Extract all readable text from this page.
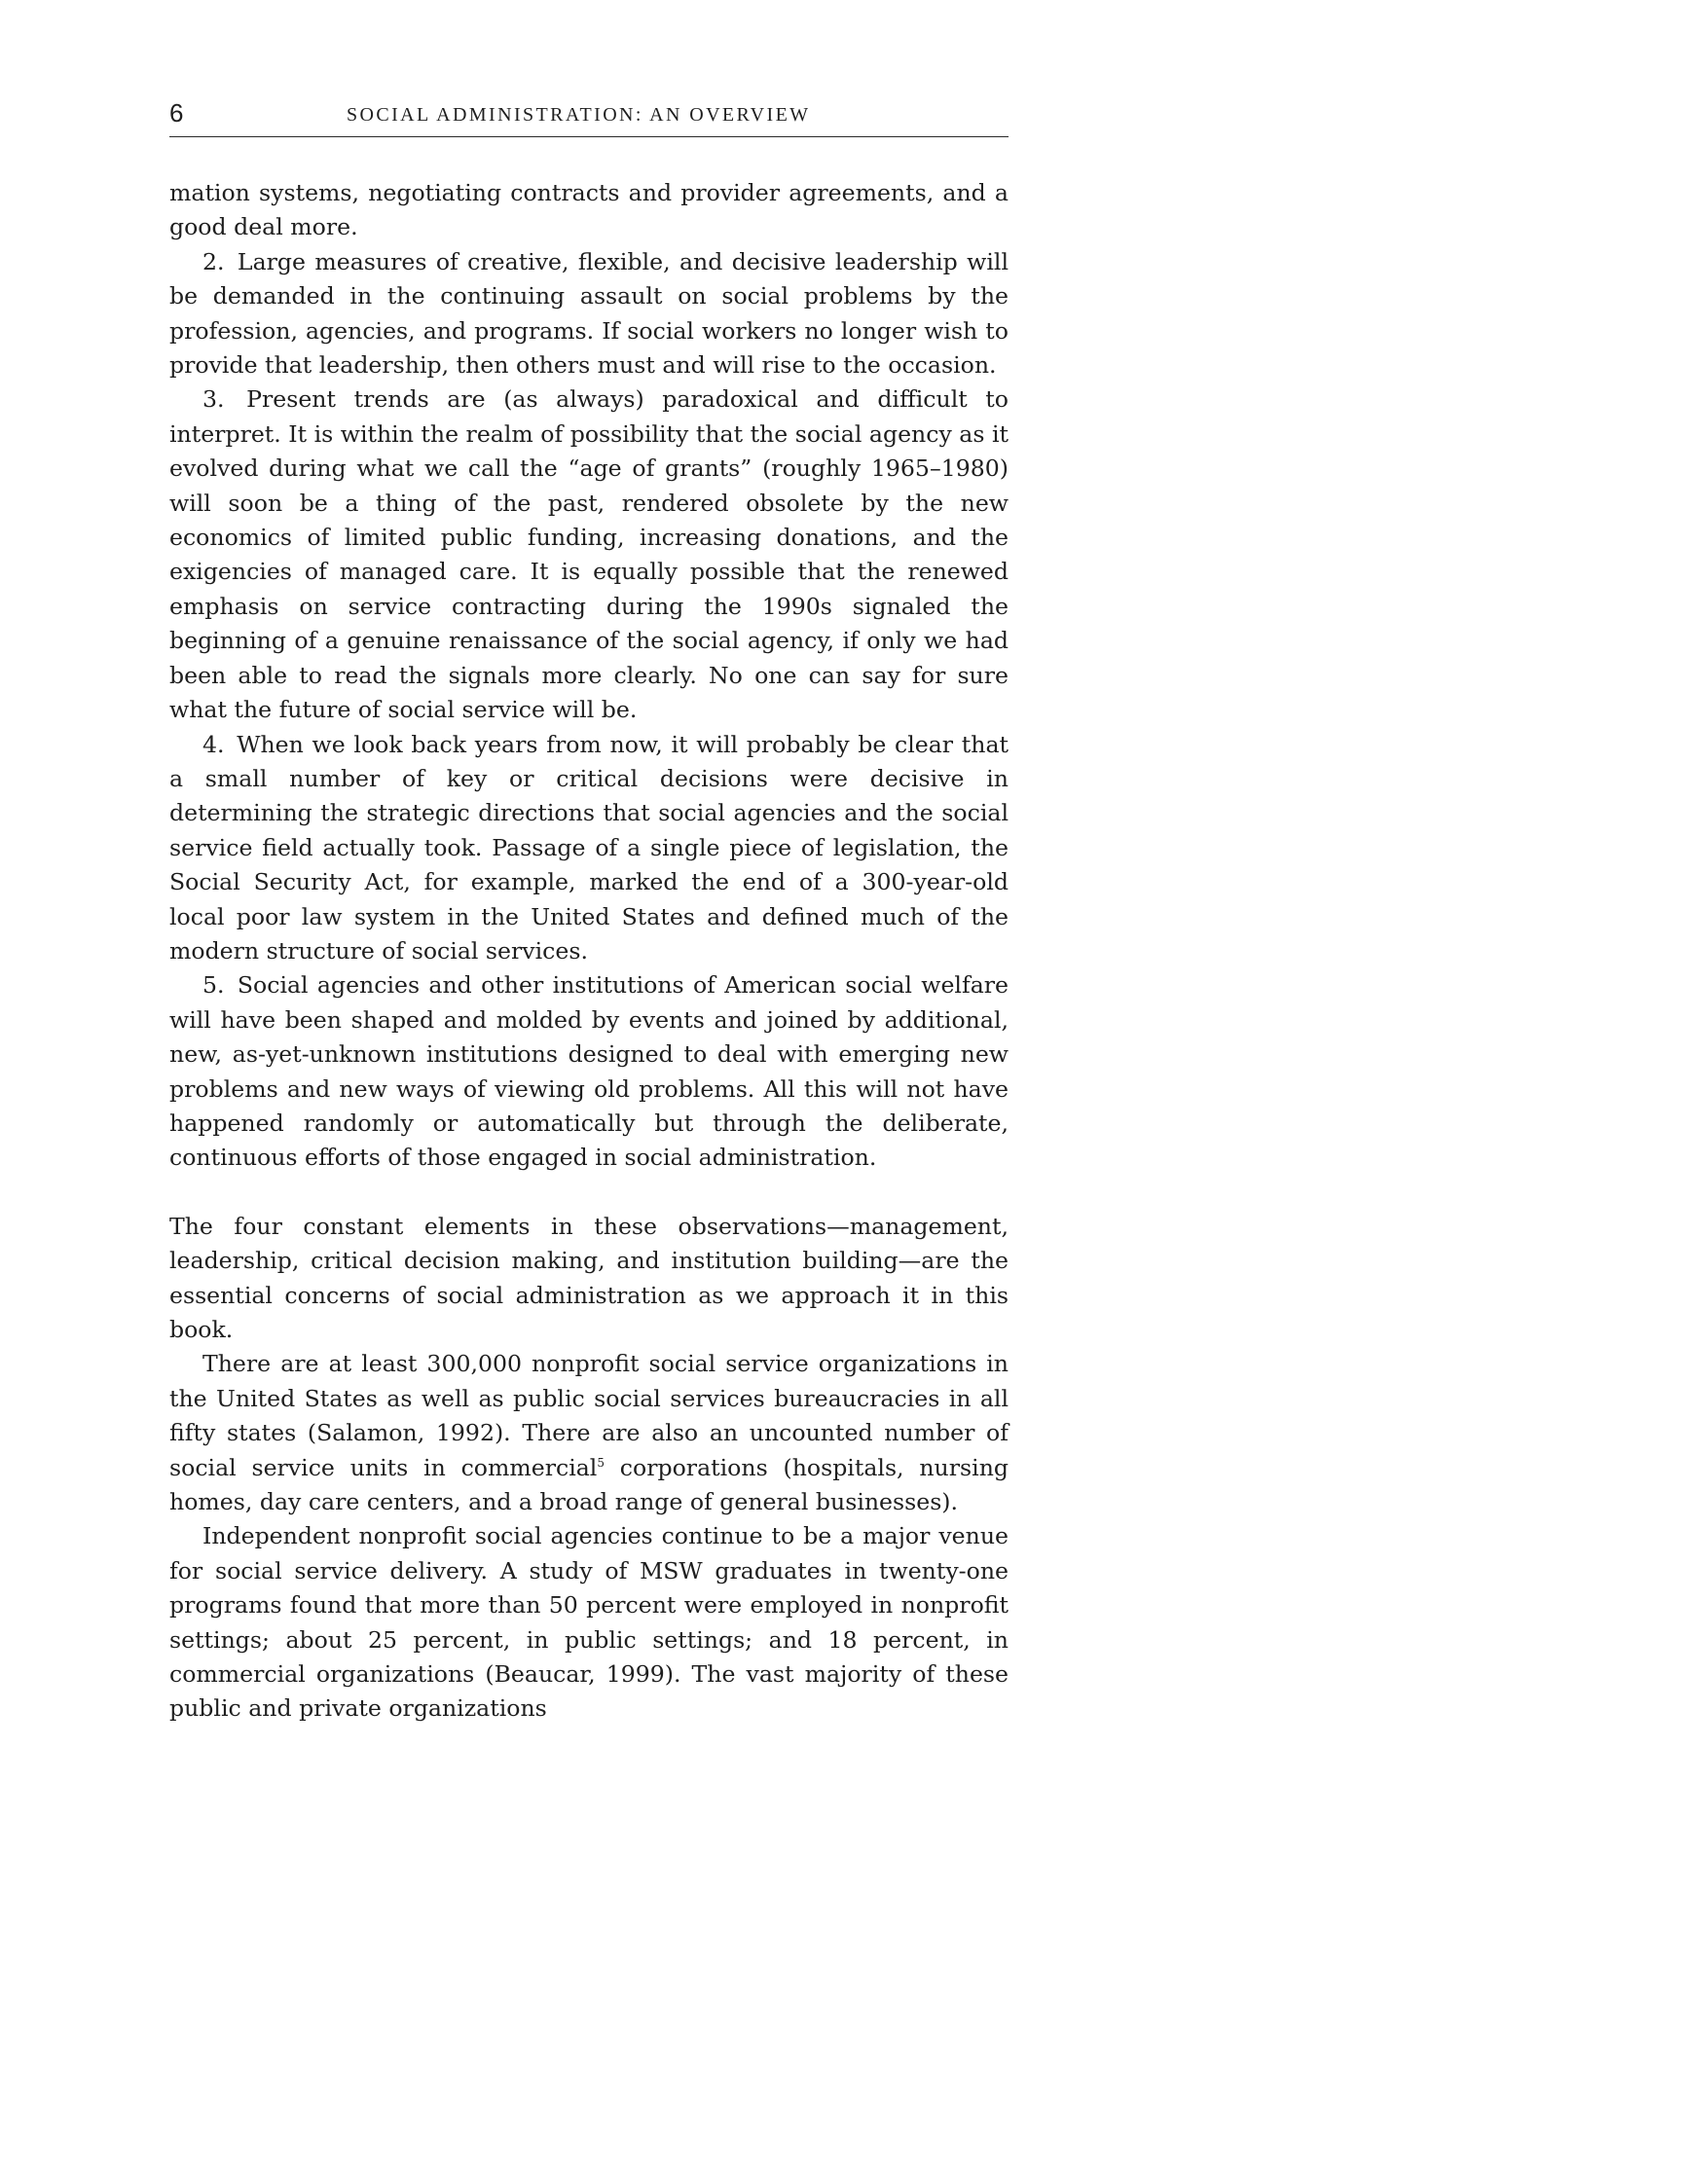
6	SOCIAL ADMINISTRATION: AN OVERVIEW

mation systems, negotiating contracts and provider agreements, and a good deal more.

2. Large measures of creative, flexible, and decisive leadership will be demanded in the continuing assault on social problems by the profession, agencies, and programs. If social workers no longer wish to provide that leadership, then others must and will rise to the occasion.

3. Present trends are (as always) paradoxical and difficult to interpret. It is within the realm of possibility that the social agency as it evolved during what we call the “age of grants” (roughly 1965–1980) will soon be a thing of the past, rendered obsolete by the new economics of limited public funding, increasing donations, and the exigencies of managed care. It is equally possible that the renewed emphasis on service contracting during the 1990s signaled the beginning of a genuine renaissance of the social agency, if only we had been able to read the signals more clearly. No one can say for sure what the future of social service will be.

4. When we look back years from now, it will probably be clear that a small number of key or critical decisions were decisive in determining the strategic directions that social agencies and the social service field actually took. Passage of a single piece of legislation, the Social Security Act, for example, marked the end of a 300-year-old local poor law system in the United States and defined much of the modern structure of social services.

5. Social agencies and other institutions of American social welfare will have been shaped and molded by events and joined by additional, new, as-yet-unknown institutions designed to deal with emerging new problems and new ways of viewing old problems. All this will not have happened randomly or automatically but through the deliberate, continuous efforts of those engaged in social administration.

The four constant elements in these observations—management, leadership, critical decision making, and institution building—are the essential concerns of social administration as we approach it in this book.

There are at least 300,000 nonprofit social service organizations in the United States as well as public social services bureaucracies in all fifty states (Salamon, 1992). There are also an uncounted number of social service units in commercial$^5$ corporations (hospitals, nursing homes, day care centers, and a broad range of general businesses).

Independent nonprofit social agencies continue to be a major venue for social service delivery. A study of MSW graduates in twenty-one programs found that more than 50 percent were employed in nonprofit settings; about 25 percent, in public settings; and 18 percent, in commercial organizations (Beaucar, 1999). The vast majority of these public and private organizations
